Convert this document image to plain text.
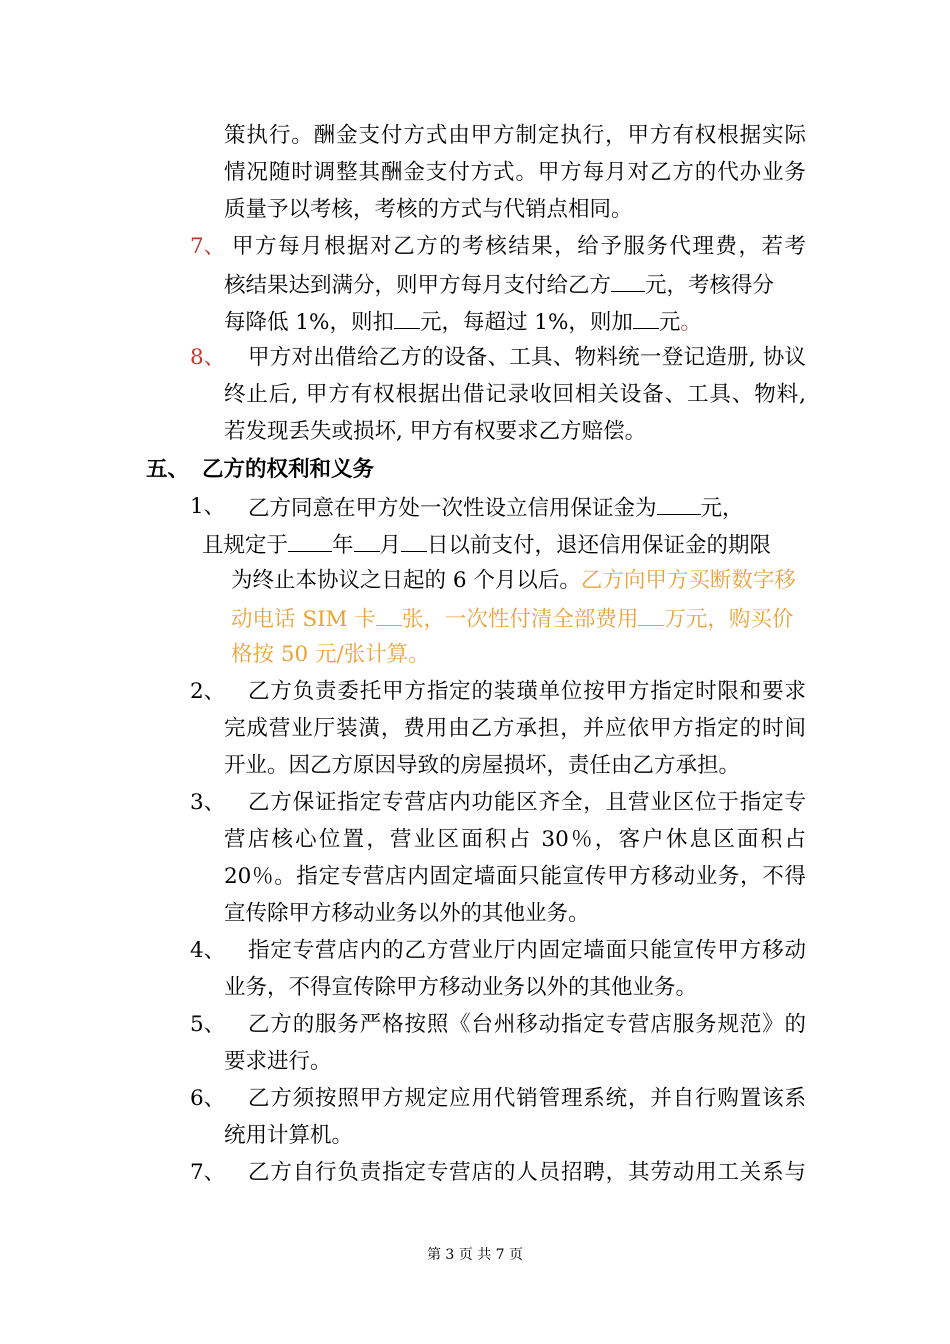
策执行。酬金支付方式由甲方制定执行，甲方有权根据实际
情况随时调整其酬金支付方式。甲方每月对乙方的代办业务
质量予以考核，考核的方式与代销点相同。
7、 甲方每月根据对乙方的考核结果，给予服务代理费，若考
核结果达到满分，则甲方每月支付给乙方 元，考核得分
每降低 1%，则扣 元，每超过 1%，则加 元。
8、 甲方对出借给乙方的设备、工具、物料统一登记造册, 协议
终止后, 甲方有权根据出借记录收回相关设备、工具、物料,
若发现丢失或损坏, 甲方有权要求乙方赔偿。
五、 乙方的权利和义务
1、 乙方同意在甲方处一次性设立信用保证金为 元，
且规定于 年 月 日以前支付，退还信用保证金的期限
为终止本协议之日起的 6 个月以后。乙方向甲方买断数字移
动电话 SIM 卡 张，一次性付清全部费用 万元，购买价
格按 50 元/张计算。
2、 乙方负责委托甲方指定的装璜单位按甲方指定时限和要求
完成营业厅装潢，费用由乙方承担，并应依甲方指定的时间
开业。因乙方原因导致的房屋损坏，责任由乙方承担。
3、 乙方保证指定专营店内功能区齐全，且营业区位于指定专
营店核心位置，营业区面积占 30％，客户休息区面积占
20％。指定专营店内固定墙面只能宣传甲方移动业务，不得
宣传除甲方移动业务以外的其他业务。
4、 指定专营店内的乙方营业厅内固定墙面只能宣传甲方移动
业务，不得宣传除甲方移动业务以外的其他业务。
5、 乙方的服务严格按照《台州移动指定专营店服务规范》的
要求进行。
6、 乙方须按照甲方规定应用代销管理系统，并自行购置该系
统用计算机。
7、 乙方自行负责指定专营店的人员招聘，其劳动用工关系与
第 3 页 共 7 页
